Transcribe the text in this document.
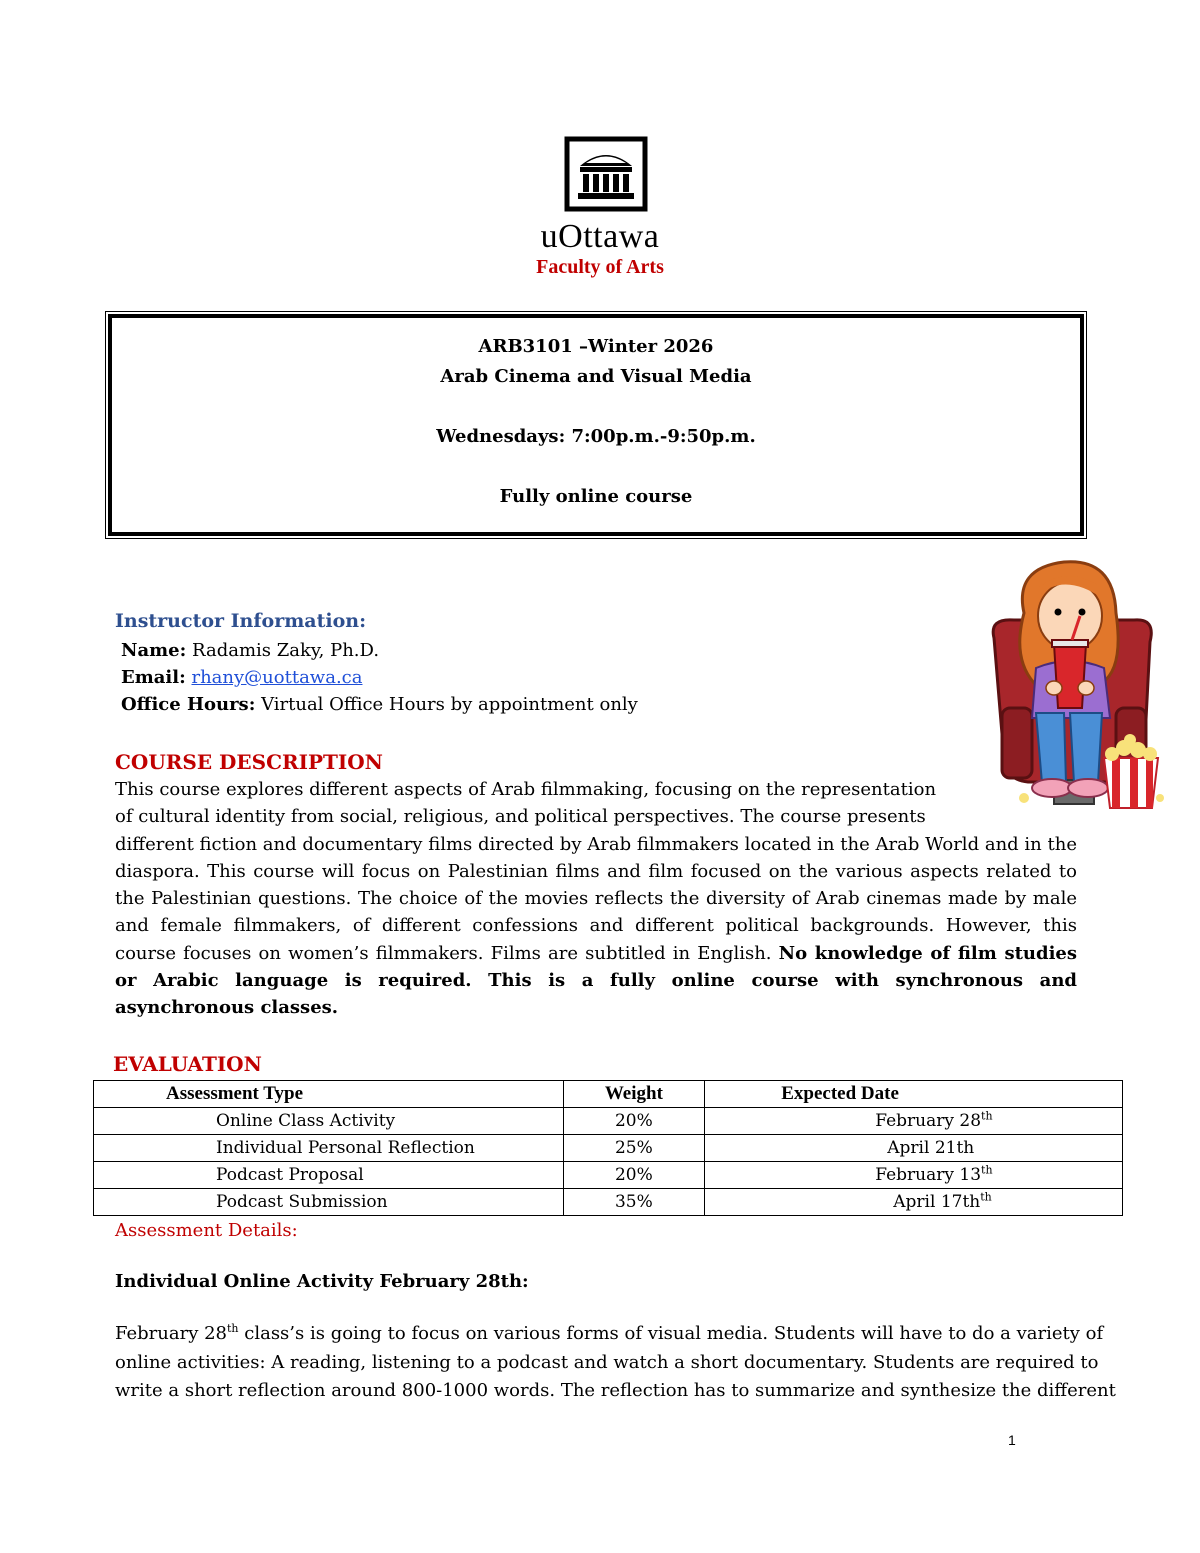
uOttawa
Faculty of Arts
ARB3101 –Winter 2026
Arab Cinema and Visual Media
Wednesdays: 7:00p.m.-9:50p.m.
Fully online course
Instructor Information:
Name: Radamis Zaky, Ph.D.
Email: rhany@uottawa.ca
Office Hours: Virtual Office Hours by appointment only
COURSE DESCRIPTION

This course explores different aspects of Arab filmmaking, focusing on the representation

of cultural identity from social, religious, and political perspectives. The course presents

different fiction and documentary films directed by Arab filmmakers located in the Arab World and in the diaspora. This course will focus on Palestinian films and film focused on the various aspects related to the Palestinian questions. The choice of the movies reflects the diversity of Arab cinemas made by male and female filmmakers, of different confessions and different political backgrounds. However, this course focuses on women’s filmmakers. Films are subtitled in English. No knowledge of film studies or Arabic language is required. This is a fully online course with synchronous and asynchronous classes.

EVALUATION
Assessment Type	Weight	Expected Date
Online Class Activity	20%	February 28th
Individual Personal Reflection	25%	April 21th
Podcast Proposal	20%	February 13th
Podcast Submission	35%	April $17th^{th}$
Assessment Details:
Individual Online Activity February 28th:
February 28th class’s is going to focus on various forms of visual media. Students will have to do a variety of
online activities: A reading, listening to a podcast and watch a short documentary. Students are required to
write a short reflection around 800-1000 words. The reflection has to summarize and synthesize the different
1
